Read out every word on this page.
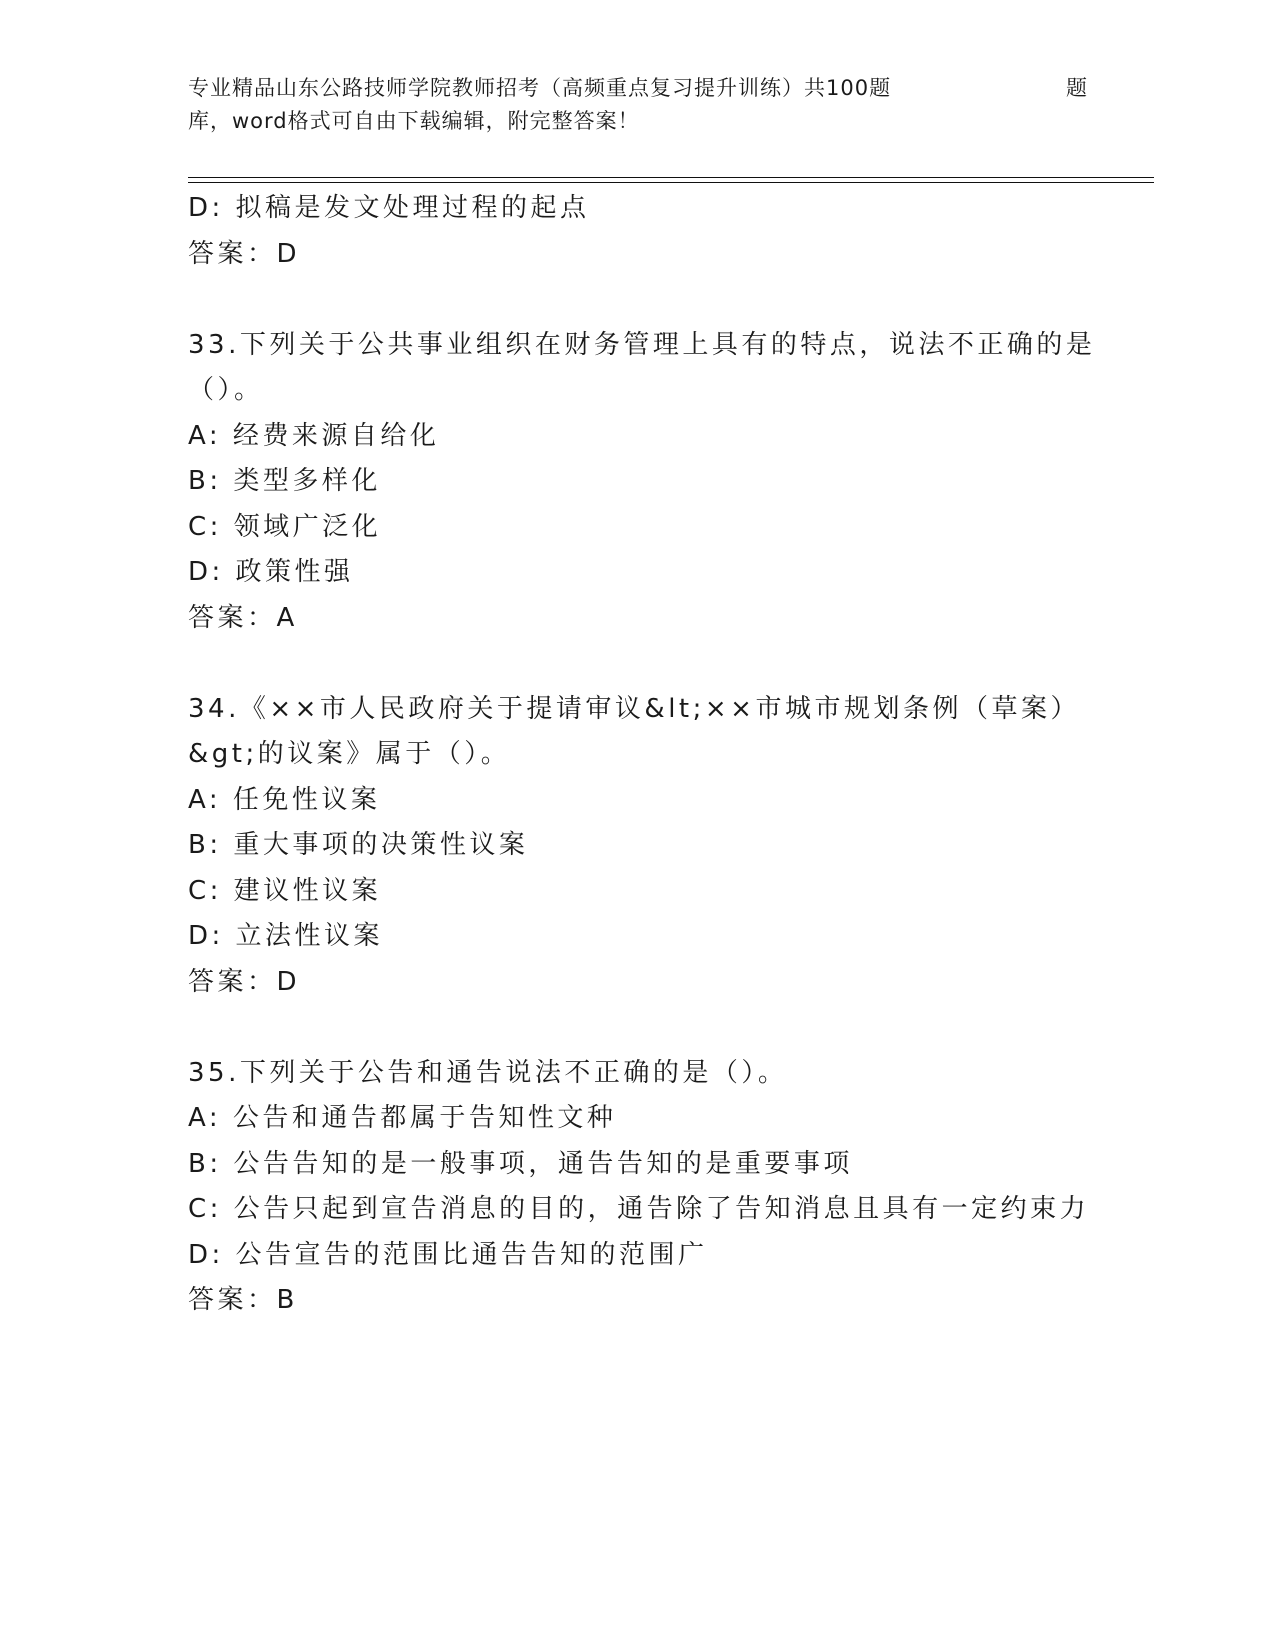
专业精品山东公路技师学院教师招考（高频重点复习提升训练）共100题	题
库，word格式可自由下载编辑，附完整答案！
D: 拟稿是发文处理过程的起点
答案：D
33.下列关于公共事业组织在财务管理上具有的特点，说法不正确的是
（）。
A: 经费来源自给化
B: 类型多样化
C: 领域广泛化
D: 政策性强
答案：A
34.《××市人民政府关于提请审议&lt;××市城市规划条例（草案）
&gt;的议案》属于（）。
A: 任免性议案
B: 重大事项的决策性议案
C: 建议性议案
D: 立法性议案
答案：D
35.下列关于公告和通告说法不正确的是（）。
A: 公告和通告都属于告知性文种
B: 公告告知的是一般事项，通告告知的是重要事项
C: 公告只起到宣告消息的目的，通告除了告知消息且具有一定约束力
D: 公告宣告的范围比通告告知的范围广
答案：B
